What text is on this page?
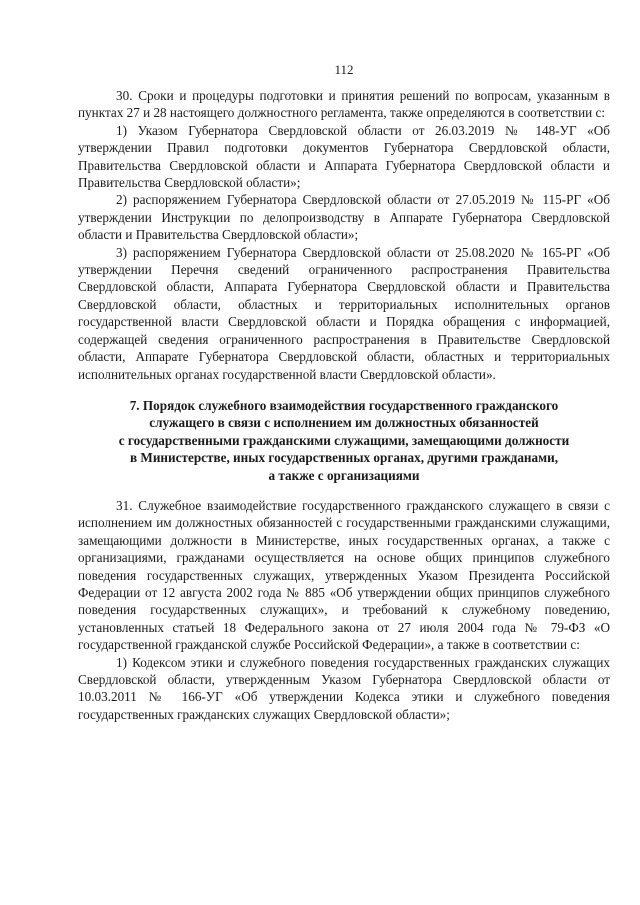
112

30. Сроки и процедуры подготовки и принятия решений по вопросам, указанным в пунктах 27 и 28 настоящего должностного регламента, также определяются в соответствии с:

1) Указом Губернатора Свердловской области от 26.03.2019 № 148-УГ «Об утверждении Правил подготовки документов Губернатора Свердловской области, Правительства Свердловской области и Аппарата Губернатора Свердловской области и Правительства Свердловской области»;

2) распоряжением Губернатора Свердловской области от 27.05.2019 № 115-РГ «Об утверждении Инструкции по делопроизводству в Аппарате Губернатора Свердловской области и Правительства Свердловской области»;

3) распоряжением Губернатора Свердловской области от 25.08.2020 № 165-РГ «Об утверждении Перечня сведений ограниченного распространения Правительства Свердловской области, Аппарата Губернатора Свердловской области и Правительства Свердловской области, областных и территориальных исполнительных органов государственной власти Свердловской области и Порядка обращения с информацией, содержащей сведения ограниченного распространения в Правительстве Свердловской области, Аппарате Губернатора Свердловской области, областных и территориальных исполнительных органах государственной власти Свердловской области».

7. Порядок служебного взаимодействия государственного гражданского

служащего в связи с исполнением им должностных обязанностей

с государственными гражданскими служащими, замещающими должности

в Министерстве, иных государственных органах, другими гражданами,

а также с организациями

31. Служебное взаимодействие государственного гражданского служащего в связи с исполнением им должностных обязанностей с государственными гражданскими служащими, замещающими должности в Министерстве, иных государственных органах, а также с организациями, гражданами осуществляется на основе общих принципов служебного поведения государственных служащих, утвержденных Указом Президента Российской Федерации от 12 августа 2002 года № 885 «Об утверждении общих принципов служебного поведения государственных служащих», и требований к служебному поведению, установленных статьей 18 Федерального закона от 27 июля 2004 года № 79-ФЗ «О государственной гражданской службе Российской Федерации», а также в соответствии с:

1) Кодексом этики и служебного поведения государственных гражданских служащих Свердловской области, утвержденным Указом Губернатора Свердловской области от 10.03.2011 № 166-УГ «Об утверждении Кодекса этики и служебного поведения государственных гражданских служащих Свердловской области»;
